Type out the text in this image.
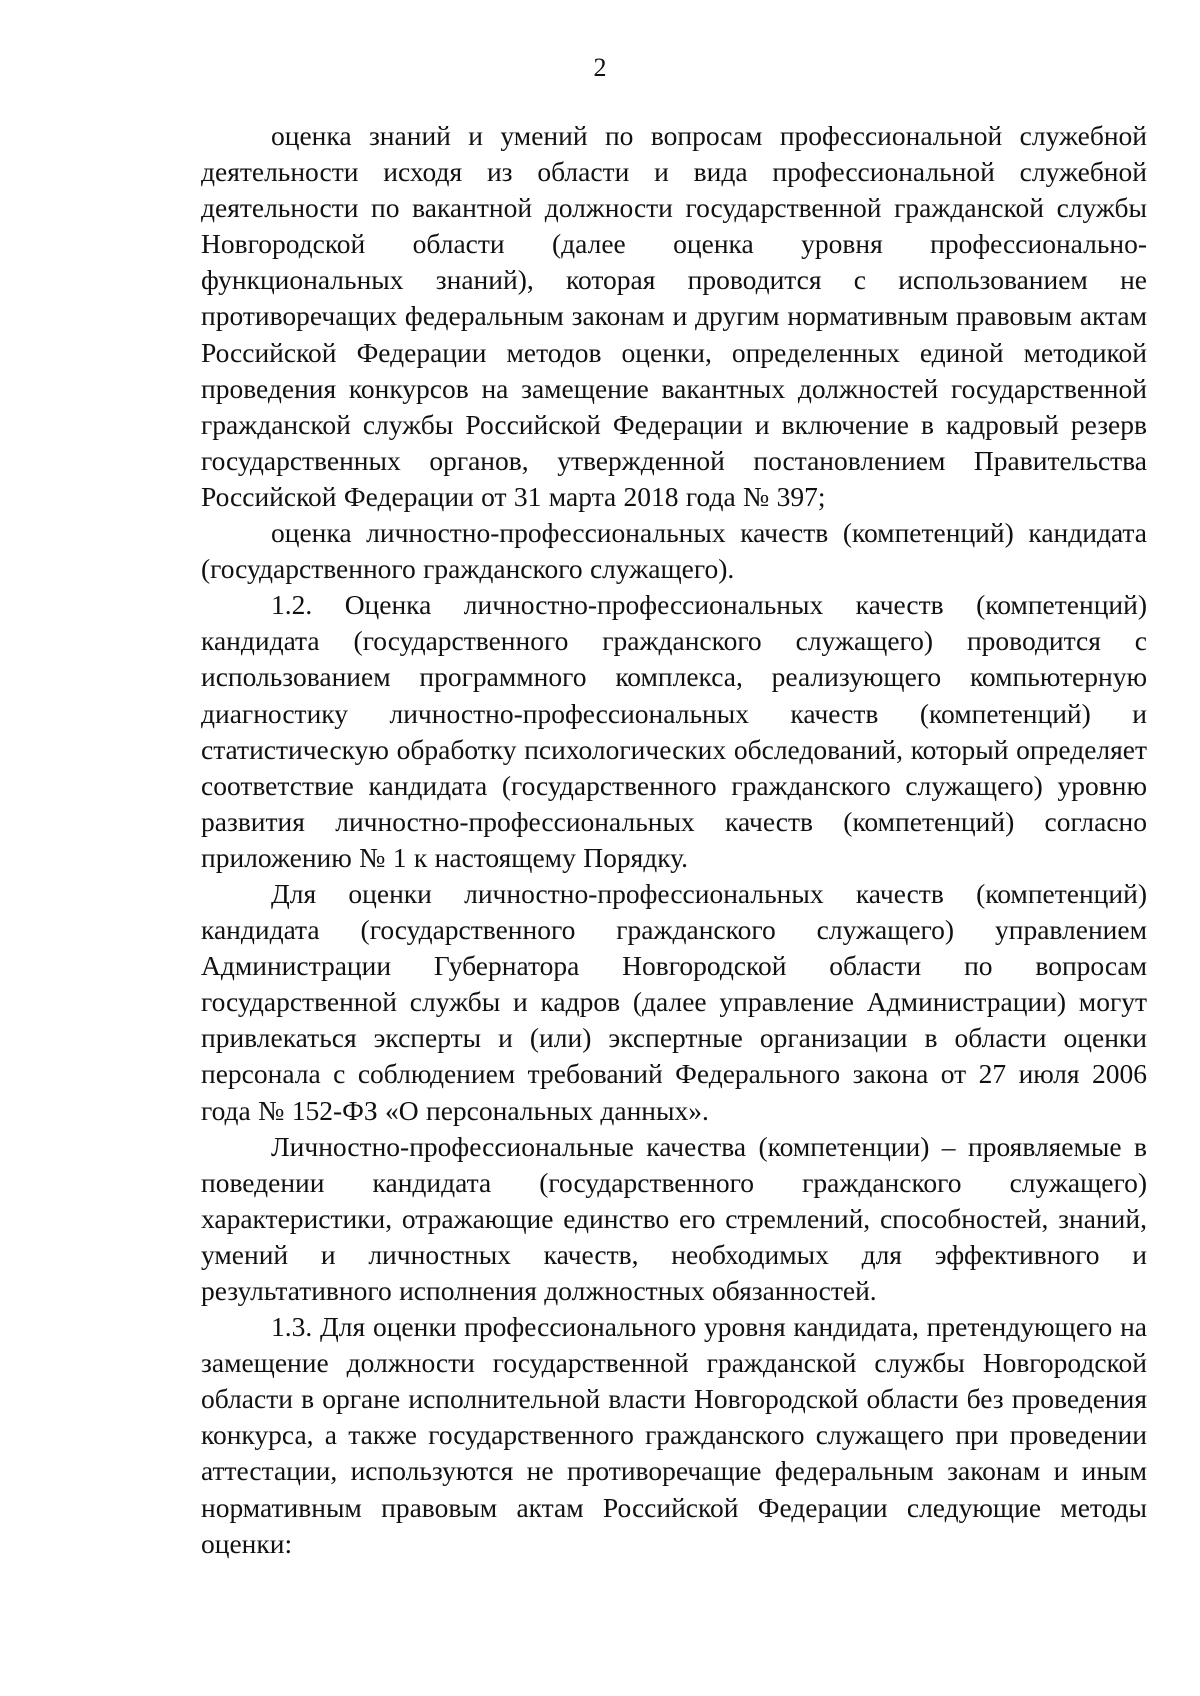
2

оценка знаний и умений по вопросам профессиональной служебной деятельности исходя из области и вида профессиональной служебной деятельности по вакантной должности государственной гражданской службы Новгородской области (далее оценка уровня профессионально-функциональных знаний), которая проводится с использованием не противоречащих федеральным законам и другим нормативным правовым актам Российской Федерации методов оценки, определенных единой методикой проведения конкурсов на замещение вакантных должностей государственной гражданской службы Российской Федерации и включение в кадровый резерв государственных органов, утвержденной постановлением Правительства Российской Федерации от 31 марта 2018 года № 397;

оценка личностно-профессиональных качеств (компетенций) кандидата (государственного гражданского служащего).

1.2. Оценка личностно-профессиональных качеств (компетенций) кандидата (государственного гражданского служащего) проводится с использованием программного комплекса, реализующего компьютерную диагностику личностно-профессиональных качеств (компетенций) и статистическую обработку психологических обследований, который определяет соответствие кандидата (государственного гражданского служащего) уровню развития личностно-профессиональных качеств (компетенций) согласно приложению № 1 к настоящему Порядку.

Для оценки личностно-профессиональных качеств (компетенций) кандидата (государственного гражданского служащего) управлением Администрации Губернатора Новгородской области по вопросам государственной службы и кадров (далее управление Администрации) могут привлекаться эксперты и (или) экспертные организации в области оценки персонала с соблюдением требований Федерального закона от 27 июля 2006 года № 152-ФЗ «О персональных данных».

Личностно-профессиональные качества (компетенции) – проявляемые в поведении кандидата (государственного гражданского служащего) характеристики, отражающие единство его стремлений, способностей, знаний, умений и личностных качеств, необходимых для эффективного и результативного исполнения должностных обязанностей.

1.3. Для оценки профессионального уровня кандидата, претендующего на замещение должности государственной гражданской службы Новгородской области в органе исполнительной власти Новгородской области без проведения конкурса, а также государственного гражданского служащего при проведении аттестации, используются не противоречащие федеральным законам и иным нормативным правовым актам Российской Федерации следующие методы оценки:
